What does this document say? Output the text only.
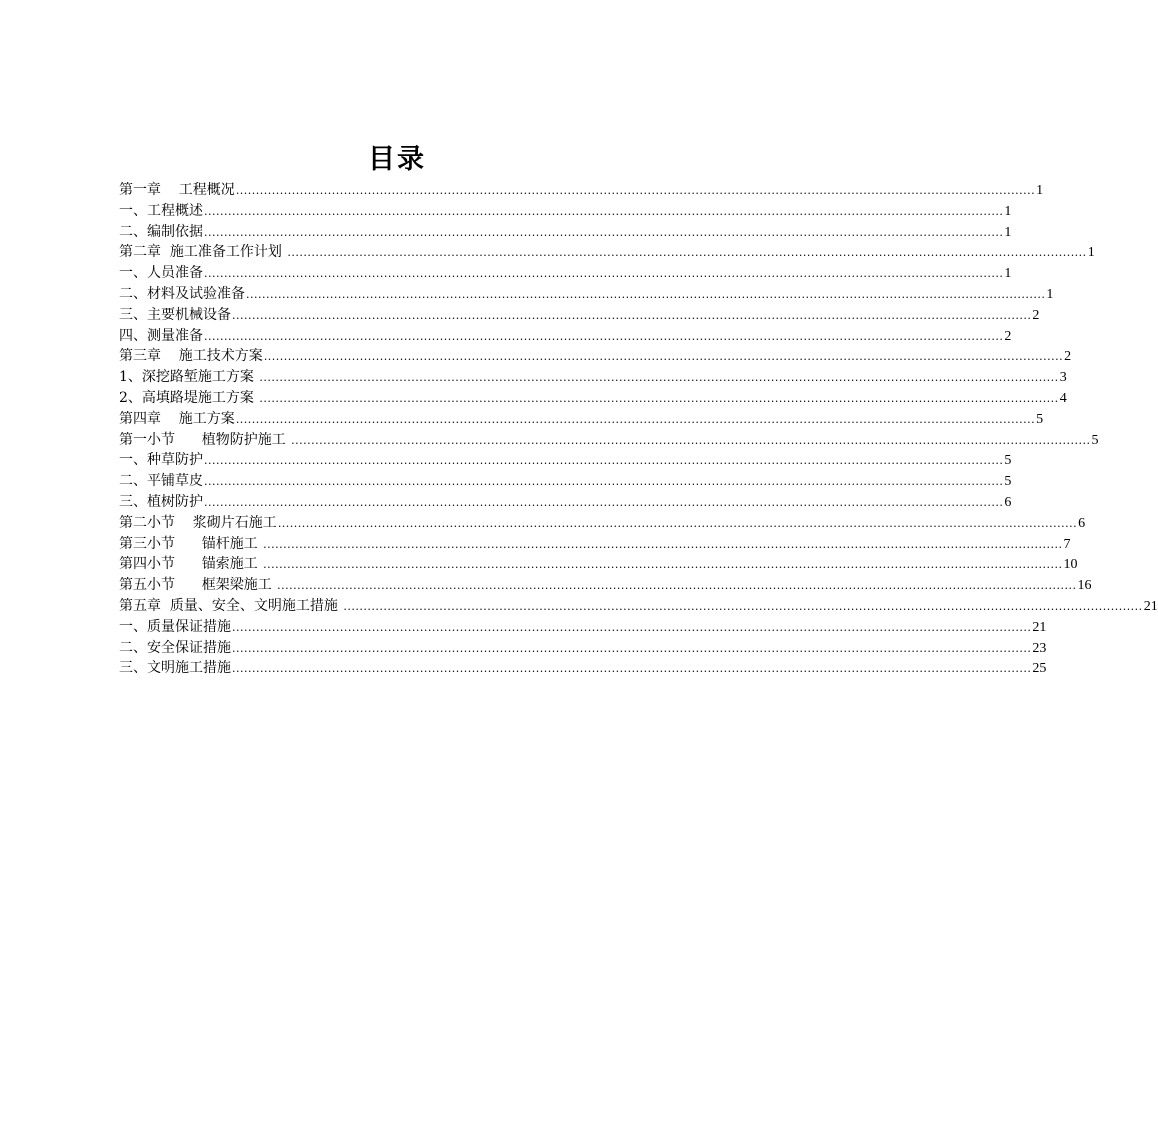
目录
第一章    工程概况 ........................................................................................................................................................................................................ 1
一、工程概述 ........................................................................................................................................................................................................ 1
二、编制依据 ........................................................................................................................................................................................................ 1
第二章  施工准备工作计划 ........................................................................................................................................................................................................ 1
一、人员准备 ........................................................................................................................................................................................................ 1
二、材料及试验准备 ........................................................................................................................................................................................................ 1
三、主要机械设备 ........................................................................................................................................................................................................ 2
四、测量准备 ........................................................................................................................................................................................................ 2
第三章    施工技术方案 ........................................................................................................................................................................................................ 2
1、深挖路堑施工方案 ........................................................................................................................................................................................................ 3
2、高填路堤施工方案 ........................................................................................................................................................................................................ 4
第四章    施工方案 ........................................................................................................................................................................................................ 5
第一小节      植物防护施工 ........................................................................................................................................................................................................ 5
一、种草防护 ........................................................................................................................................................................................................ 5
二、平铺草皮 ........................................................................................................................................................................................................ 5
三、植树防护 ........................................................................................................................................................................................................ 6
第二小节    浆砌片石施工 ........................................................................................................................................................................................................ 6
第三小节      锚杆施工 ........................................................................................................................................................................................................ 7
第四小节      锚索施工 ........................................................................................................................................................................................................ 10
第五小节      框架梁施工 ........................................................................................................................................................................................................ 16
第五章  质量、安全、文明施工措施 ........................................................................................................................................................................................................ 21
一、质量保证措施 ........................................................................................................................................................................................................ 21
二、安全保证措施 ........................................................................................................................................................................................................ 23
三、文明施工措施 ........................................................................................................................................................................................................ 25
